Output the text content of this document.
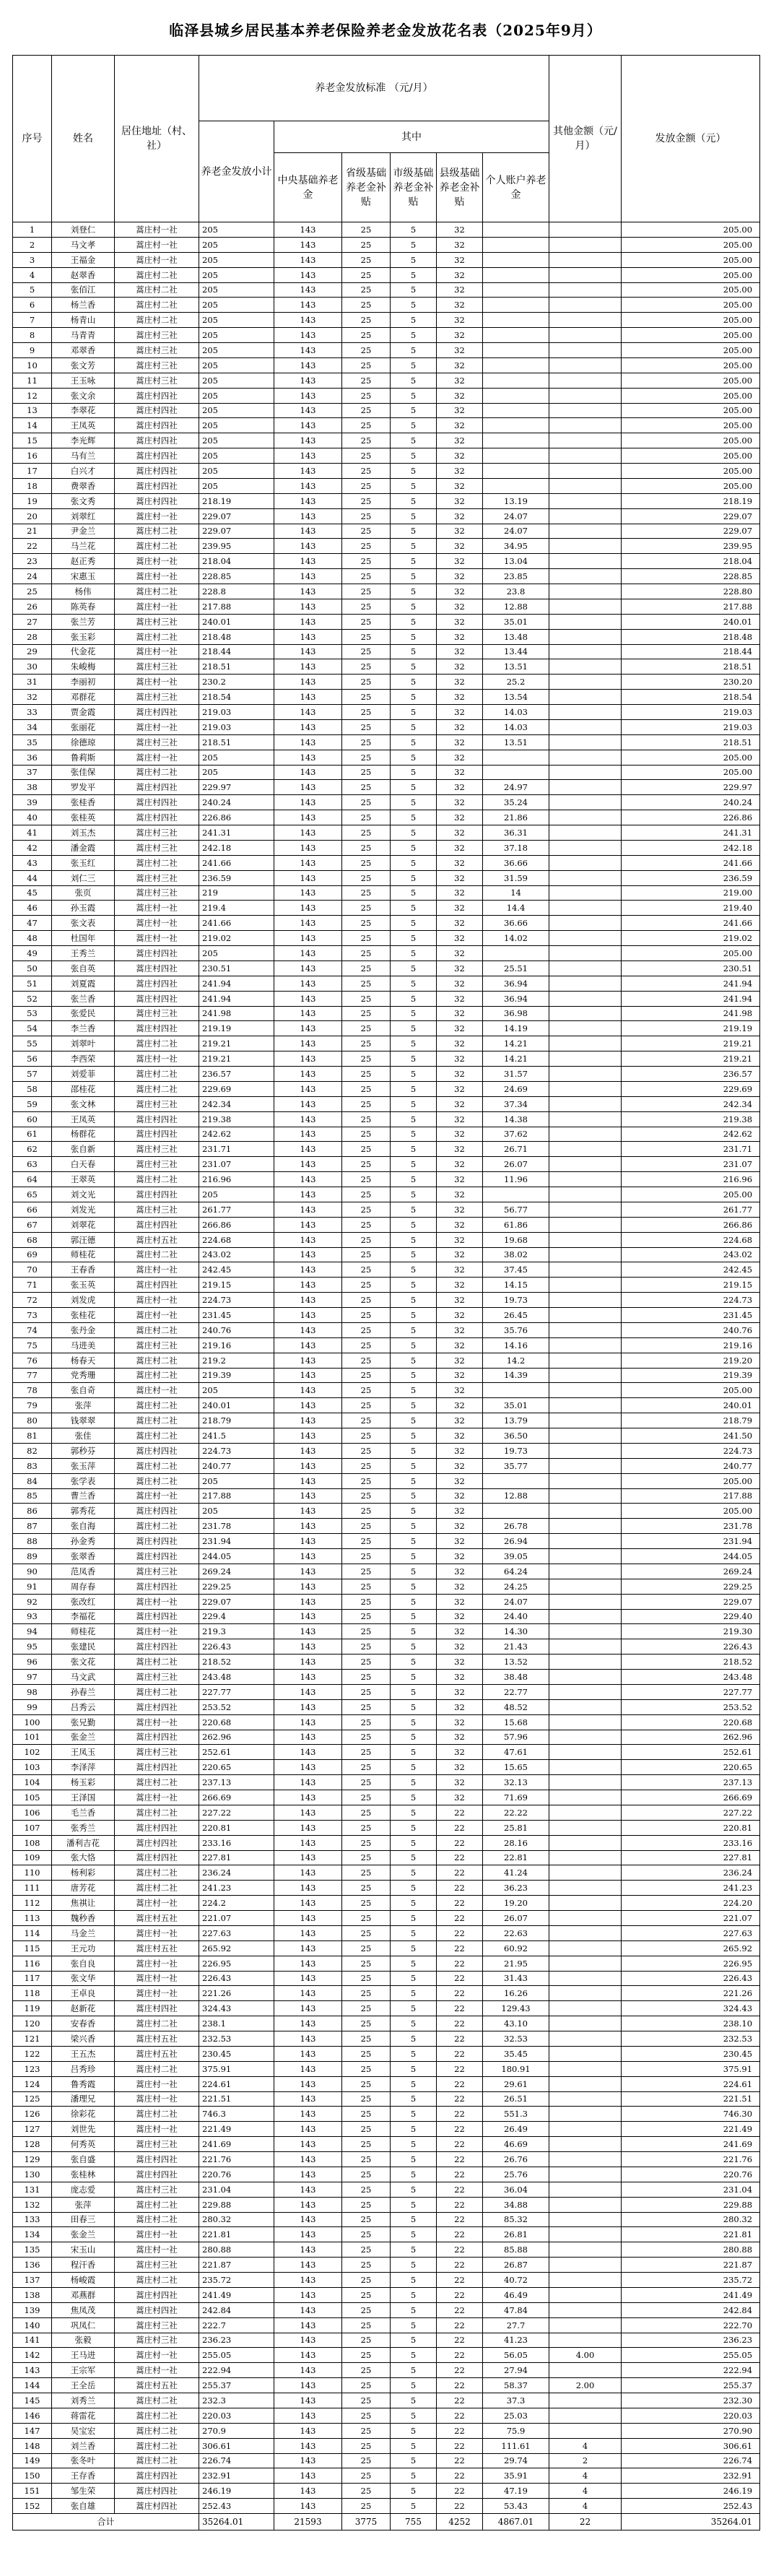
临泽县城乡居民基本养老保险养老金发放花名表（2025年9月）
序号	姓名	居住地址（村、社）	养老金发放标准 （元/月）						其他金额（元/月）	发放金额（元）
			养老金发放小计	其中						
				中央基础养老金	省级基础养老金补贴	市级基础养老金补贴	县级基础养老金补贴	个人账户养老金		
1	刘登仁	蒿庄村一社	205	143	25	5	32			205.00
2	马文孝	蒿庄村一社	205	143	25	5	32			205.00
3	王福金	蒿庄村一社	205	143	25	5	32			205.00
4	赵翠香	蒿庄村二社	205	143	25	5	32			205.00
5	张佰江	蒿庄村二社	205	143	25	5	32			205.00
6	杨兰香	蒿庄村二社	205	143	25	5	32			205.00
7	杨青山	蒿庄村二社	205	143	25	5	32			205.00
8	马青青	蒿庄村三社	205	143	25	5	32			205.00
9	邓翠香	蒿庄村三社	205	143	25	5	32			205.00
10	张文芳	蒿庄村三社	205	143	25	5	32			205.00
11	王玉咏	蒿庄村三社	205	143	25	5	32			205.00
12	张文余	蒿庄村四社	205	143	25	5	32			205.00
13	李翠花	蒿庄村四社	205	143	25	5	32			205.00
14	王凤英	蒿庄村四社	205	143	25	5	32			205.00
15	李光辉	蒿庄村四社	205	143	25	5	32			205.00
16	马有兰	蒿庄村四社	205	143	25	5	32			205.00
17	白兴才	蒿庄村四社	205	143	25	5	32			205.00
18	费翠香	蒿庄村四社	205	143	25	5	32			205.00
19	张文秀	蒿庄村四社	218.19	143	25	5	32	13.19		218.19
20	刘翠红	蒿庄村一社	229.07	143	25	5	32	24.07		229.07
21	尹金兰	蒿庄村二社	229.07	143	25	5	32	24.07		229.07
22	马兰花	蒿庄村二社	239.95	143	25	5	32	34.95		239.95
23	赵正秀	蒿庄村一社	218.04	143	25	5	32	13.04		218.04
24	宋惠玉	蒿庄村一社	228.85	143	25	5	32	23.85		228.85
25	杨伟	蒿庄村二社	228.8	143	25	5	32	23.8		228.80
26	陈英春	蒿庄村一社	217.88	143	25	5	32	12.88		217.88
27	张兰芳	蒿庄村三社	240.01	143	25	5	32	35.01		240.01
28	张玉彩	蒿庄村二社	218.48	143	25	5	32	13.48		218.48
29	代金花	蒿庄村一社	218.44	143	25	5	32	13.44		218.44
30	朱峻梅	蒿庄村三社	218.51	143	25	5	32	13.51		218.51
31	李丽初	蒿庄村一社	230.2	143	25	5	32	25.2		230.20
32	邓群花	蒿庄村三社	218.54	143	25	5	32	13.54		218.54
33	贾金霞	蒿庄村四社	219.03	143	25	5	32	14.03		219.03
34	张丽花	蒿庄村一社	219.03	143	25	5	32	14.03		219.03
35	徐德琼	蒿庄村三社	218.51	143	25	5	32	13.51		218.51
36	鲁莉斯	蒿庄村一社	205	143	25	5	32			205.00
37	张佳保	蒿庄村二社	205	143	25	5	32			205.00
38	罗发平	蒿庄村四社	229.97	143	25	5	32	24.97		229.97
39	张桂香	蒿庄村四社	240.24	143	25	5	32	35.24		240.24
40	张桂英	蒿庄村四社	226.86	143	25	5	32	21.86		226.86
41	刘玉杰	蒿庄村三社	241.31	143	25	5	32	36.31		241.31
42	潘金霞	蒿庄村三社	242.18	143	25	5	32	37.18		242.18
43	张玉红	蒿庄村二社	241.66	143	25	5	32	36.66		241.66
44	刘仁三	蒿庄村三社	236.59	143	25	5	32	31.59		236.59
45	张页	蒿庄村三社	219	143	25	5	32	14		219.00
46	孙玉霞	蒿庄村一社	219.4	143	25	5	32	14.4		219.40
47	张文表	蒿庄村一社	241.66	143	25	5	32	36.66		241.66
48	杜国年	蒿庄村一社	219.02	143	25	5	32	14.02		219.02
49	王秀兰	蒿庄村四社	205	143	25	5	32			205.00
50	张自英	蒿庄村四社	230.51	143	25	5	32	25.51		230.51
51	刘夏霞	蒿庄村四社	241.94	143	25	5	32	36.94		241.94
52	张兰香	蒿庄村四社	241.94	143	25	5	32	36.94		241.94
53	张爱民	蒿庄村三社	241.98	143	25	5	32	36.98		241.98
54	李兰香	蒿庄村四社	219.19	143	25	5	32	14.19		219.19
55	刘翠叶	蒿庄村二社	219.21	143	25	5	32	14.21		219.21
56	李西荣	蒿庄村一社	219.21	143	25	5	32	14.21		219.21
57	刘爱菲	蒿庄村二社	236.57	143	25	5	32	31.57		236.57
58	邵桂花	蒿庄村二社	229.69	143	25	5	32	24.69		229.69
59	张文林	蒿庄村三社	242.34	143	25	5	32	37.34		242.34
60	王凤英	蒿庄村四社	219.38	143	25	5	32	14.38		219.38
61	杨群花	蒿庄村四社	242.62	143	25	5	32	37.62		242.62
62	张自新	蒿庄村三社	231.71	143	25	5	32	26.71		231.71
63	白天春	蒿庄村三社	231.07	143	25	5	32	26.07		231.07
64	王翠英	蒿庄村二社	216.96	143	25	5	32	11.96		216.96
65	刘文光	蒿庄村四社	205	143	25	5	32			205.00
66	刘发光	蒿庄村三社	261.77	143	25	5	32	56.77		261.77
67	刘翠花	蒿庄村四社	266.86	143	25	5	32	61.86		266.86
68	郭汪德	蒿庄村五社	224.68	143	25	5	32	19.68		224.68
69	师桂花	蒿庄村二社	243.02	143	25	5	32	38.02		243.02
70	王春香	蒿庄村一社	242.45	143	25	5	32	37.45		242.45
71	张玉英	蒿庄村四社	219.15	143	25	5	32	14.15		219.15
72	刘发虎	蒿庄村一社	224.73	143	25	5	32	19.73		224.73
73	张桂花	蒿庄村一社	231.45	143	25	5	32	26.45		231.45
74	张丹金	蒿庄村二社	240.76	143	25	5	32	35.76		240.76
75	马进美	蒿庄村三社	219.16	143	25	5	32	14.16		219.16
76	杨春天	蒿庄村二社	219.2	143	25	5	32	14.2		219.20
77	党秀珊	蒿庄村二社	219.39	143	25	5	32	14.39		219.39
78	张自奇	蒿庄村一社	205	143	25	5	32			205.00
79	张萍	蒿庄村二社	240.01	143	25	5	32	35.01		240.01
80	钱翠翠	蒿庄村二社	218.79	143	25	5	32	13.79		218.79
81	张佳	蒿庄村二社	241.5	143	25	5	32	36.50		241.50
82	郭秒芬	蒿庄村四社	224.73	143	25	5	32	19.73		224.73
83	张玉萍	蒿庄村二社	240.77	143	25	5	32	35.77		240.77
84	张学表	蒿庄村二社	205	143	25	5	32			205.00
85	曹兰香	蒿庄村一社	217.88	143	25	5	32	12.88		217.88
86	郭秀花	蒿庄村四社	205	143	25	5	32			205.00
87	张自海	蒿庄村二社	231.78	143	25	5	32	26.78		231.78
88	孙金秀	蒿庄村四社	231.94	143	25	5	32	26.94		231.94
89	张翠香	蒿庄村四社	244.05	143	25	5	32	39.05		244.05
90	范凤香	蒿庄村三社	269.24	143	25	5	32	64.24		269.24
91	周存春	蒿庄村四社	229.25	143	25	5	32	24.25		229.25
92	张改红	蒿庄村一社	229.07	143	25	5	32	24.07		229.07
93	李福花	蒿庄村四社	229.4	143	25	5	32	24.40		229.40
94	师桂花	蒿庄村一社	219.3	143	25	5	32	14.30		219.30
95	张建民	蒿庄村四社	226.43	143	25	5	32	21.43		226.43
96	张文花	蒿庄村二社	218.52	143	25	5	32	13.52		218.52
97	马文武	蒿庄村三社	243.48	143	25	5	32	38.48		243.48
98	孙春兰	蒿庄村二社	227.77	143	25	5	32	22.77		227.77
99	吕秀云	蒿庄村四社	253.52	143	25	5	32	48.52		253.52
100	张兄勤	蒿庄村一社	220.68	143	25	5	32	15.68		220.68
101	张金兰	蒿庄村四社	262.96	143	25	5	32	57.96		262.96
102	王凤玉	蒿庄村三社	252.61	143	25	5	32	47.61		252.61
103	李泽萍	蒿庄村四社	220.65	143	25	5	32	15.65		220.65
104	杨玉彩	蒿庄村二社	237.13	143	25	5	32	32.13		237.13
105	王泽国	蒿庄村一社	266.69	143	25	5	32	71.69		266.69
106	毛兰香	蒿庄村二社	227.22	143	25	5	22	22.22		227.22
107	张秀兰	蒿庄村四社	220.81	143	25	5	22	25.81		220.81
108	潘利吉花	蒿庄村四社	233.16	143	25	5	22	28.16		233.16
109	张大恪	蒿庄村四社	227.81	143	25	5	22	22.81		227.81
110	杨利彩	蒿庄村二社	236.24	143	25	5	22	41.24		236.24
111	唐芳花	蒿庄村二社	241.23	143	25	5	22	36.23		241.23
112	焦祺让	蒿庄村一社	224.2	143	25	5	22	19.20		224.20
113	魏秒香	蒿庄村五社	221.07	143	25	5	22	26.07		221.07
114	马金兰	蒿庄村一社	227.63	143	25	5	22	22.63		227.63
115	王元功	蒿庄村五社	265.92	143	25	5	22	60.92		265.92
116	张自良	蒿庄村一社	226.95	143	25	5	22	21.95		226.95
117	张文华	蒿庄村一社	226.43	143	25	5	22	31.43		226.43
118	王卓良	蒿庄村一社	221.26	143	25	5	22	16.26		221.26
119	赵新花	蒿庄村四社	324.43	143	25	5	22	129.43		324.43
120	安春香	蒿庄村二社	238.1	143	25	5	22	43.10		238.10
121	梁兴香	蒿庄村五社	232.53	143	25	5	22	32.53		232.53
122	王五杰	蒿庄村五社	230.45	143	25	5	22	35.45		230.45
123	吕秀珍	蒿庄村二社	375.91	143	25	5	22	180.91		375.91
124	鲁秀霞	蒿庄村一社	224.61	143	25	5	22	29.61		224.61
125	潘理兄	蒿庄村一社	221.51	143	25	5	22	26.51		221.51
126	徐彩花	蒿庄村二社	746.3	143	25	5	22	551.3		746.30
127	刘世先	蒿庄村一社	221.49	143	25	5	22	26.49		221.49
128	何秀英	蒿庄村三社	241.69	143	25	5	22	46.69		241.69
129	张自盛	蒿庄村四社	221.76	143	25	5	22	26.76		221.76
130	张桂林	蒿庄村四社	220.76	143	25	5	22	25.76		220.76
131	庞志爱	蒿庄村三社	231.04	143	25	5	22	36.04		231.04
132	张萍	蒿庄村二社	229.88	143	25	5	22	34.88		229.88
133	田春三	蒿庄村二社	280.32	143	25	5	22	85.32		280.32
134	张金兰	蒿庄村一社	221.81	143	25	5	22	26.81		221.81
135	宋玉山	蒿庄村一社	280.88	143	25	5	22	85.88		280.88
136	程汗香	蒿庄村三社	221.87	143	25	5	22	26.87		221.87
137	杨峻霞	蒿庄村二社	235.72	143	25	5	22	40.72		235.72
138	邓燕群	蒿庄村四社	241.49	143	25	5	22	46.49		241.49
139	焦凤茂	蒿庄村四社	242.84	143	25	5	22	47.84		242.84
140	巩凤仁	蒿庄村三社	222.7	143	25	5	22	27.7		222.70
141	张毅	蒿庄村三社	236.23	143	25	5	22	41.23		236.23
142	王马进	蒿庄村一社	255.05	143	25	5	22	56.05	4.00	255.05
143	王宗军	蒿庄村一社	222.94	143	25	5	22	27.94		222.94
144	王全岳	蒿庄村五社	255.37	143	25	5	22	58.37	2.00	255.37
145	刘秀兰	蒿庄村二社	232.3	143	25	5	22	37.3		232.30
146	蒋雷花	蒿庄村二社	220.03	143	25	5	22	25.03		220.03
147	吴宝宏	蒿庄村二社	270.9	143	25	5	22	75.9		270.90
148	刘兰香	蒿庄村二社	306.61	143	25	5	22	111.61	4	306.61
149	张冬叶	蒿庄村二社	226.74	143	25	5	22	29.74	2	226.74
150	王存香	蒿庄村四社	232.91	143	25	5	22	35.91	4	232.91
151	邹生荣	蒿庄村四社	246.19	143	25	5	22	47.19	4	246.19
152	张自雄	蒿庄村四社	252.43	143	25	5	22	53.43	4	252.43
合计			35264.01	21593	3775	755	4252	4867.01	22	35264.01
